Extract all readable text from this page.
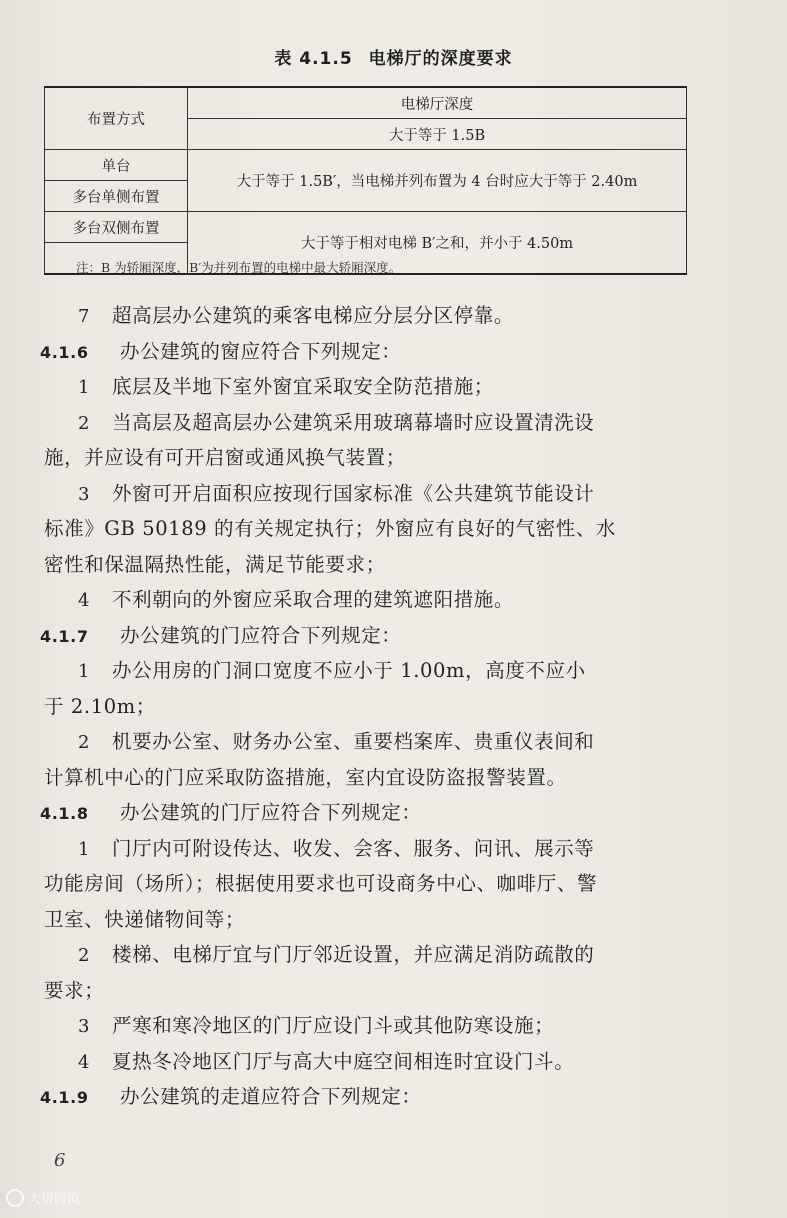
表 4.1.5 电梯厅的深度要求
布置方式	电梯厅深度
	大于等于 1.5B
单台	大于等于 1.5B′，当电梯并列布置为 4 台时应大于等于 2.40m
多台单侧布置	
多台双侧布置	大于等于相对电梯 B′之和，并小于 4.50m

注：B 为轿厢深度，B′为并列布置的电梯中最大轿厢深度。
7 超高层办公建筑的乘客电梯应分层分区停靠。
4.1.6 办公建筑的窗应符合下列规定：
1 底层及半地下室外窗宜采取安全防范措施；
2 当高层及超高层办公建筑采用玻璃幕墙时应设置清洗设
施，并应设有可开启窗或通风换气装置；
3 外窗可开启面积应按现行国家标准《公共建筑节能设计
标准》GB 50189 的有关规定执行；外窗应有良好的气密性、水
密性和保温隔热性能，满足节能要求；
4 不利朝向的外窗应采取合理的建筑遮阳措施。
4.1.7 办公建筑的门应符合下列规定：
1 办公用房的门洞口宽度不应小于 1.00m，高度不应小
于 2.10m；
2 机要办公室、财务办公室、重要档案库、贵重仪表间和
计算机中心的门应采取防盗措施，室内宜设防盗报警装置。
4.1.8 办公建筑的门厅应符合下列规定：
1 门厅内可附设传达、收发、会客、服务、问讯、展示等
功能房间（场所）；根据使用要求也可设商务中心、咖啡厅、警
卫室、快递储物间等；
2 楼梯、电梯厅宜与门厅邻近设置，并应满足消防疏散的
要求；
3 严寒和寒冷地区的门厅应设门斗或其他防寒设施；
4 夏热冬冷地区门厅与高大中庭空间相连时宜设门斗。
4.1.9 办公建筑的走道应符合下列规定：
6
大厨跨境
